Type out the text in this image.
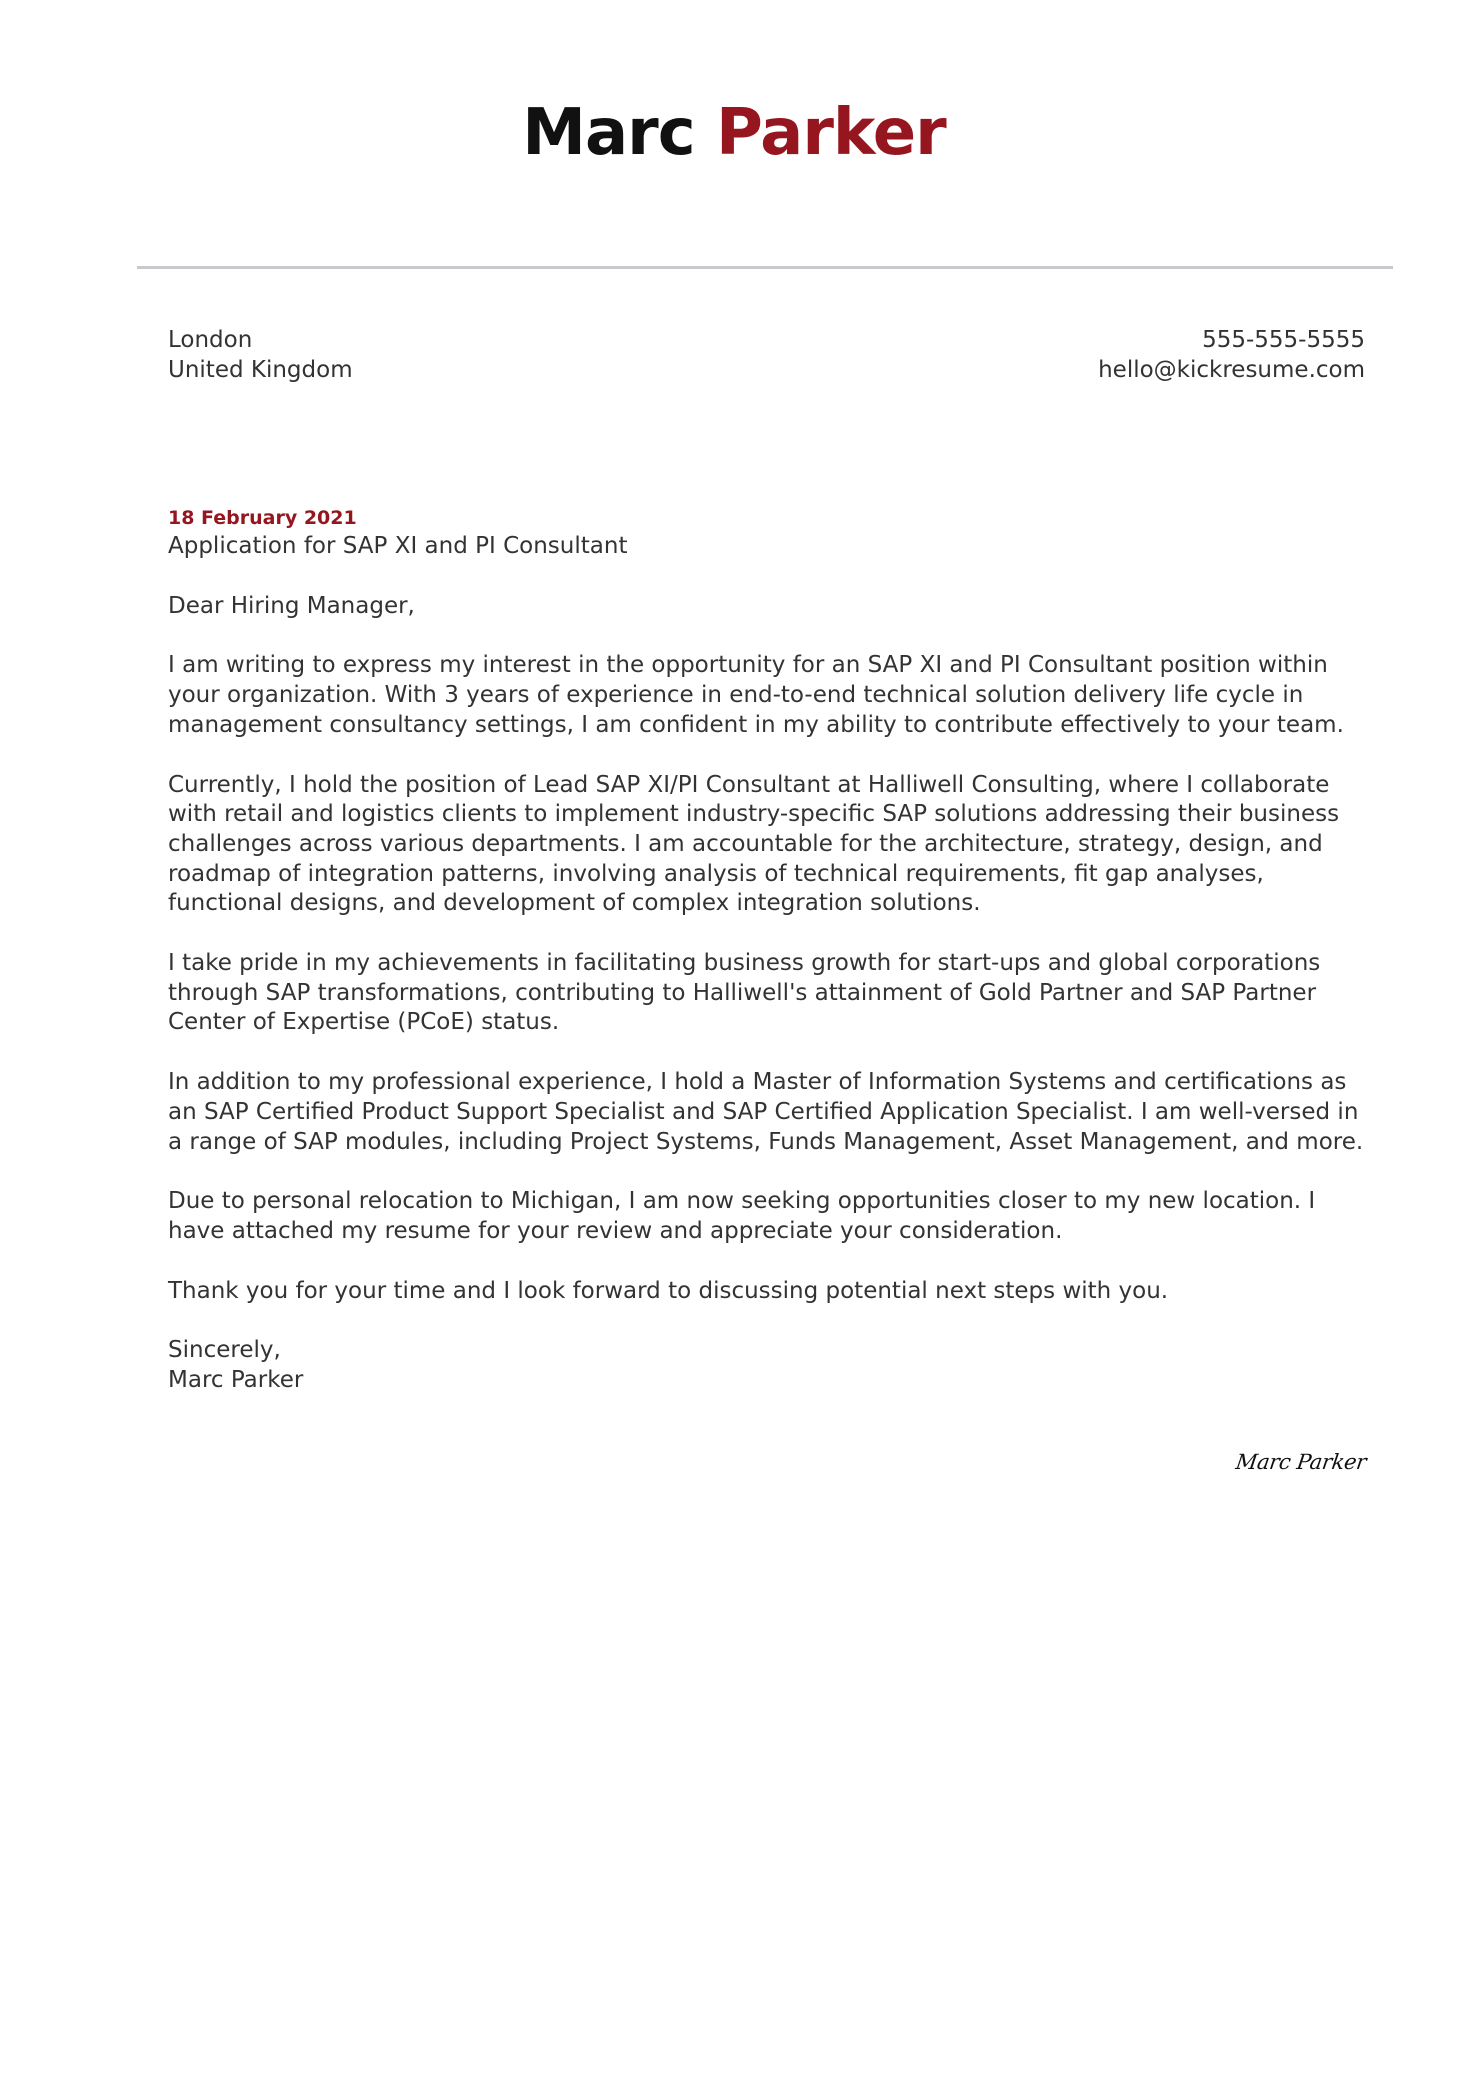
Marc Parker
London
United Kingdom
555-555-5555
hello@kickresume.com
18 February 2021
Application for SAP XI and PI Consultant
Dear Hiring Manager,

I am writing to express my interest in the opportunity for an SAP XI and PI Consultant position within your organization. With 3 years of experience in end-to-end technical solution delivery life cycle in management consultancy settings, I am confident in my ability to contribute effectively to your team.

Currently, I hold the position of Lead SAP XI/PI Consultant at Halliwell Consulting, where I collaborate with retail and logistics clients to implement industry-specific SAP solutions addressing their business challenges across various departments. I am accountable for the architecture, strategy, design, and roadmap of integration patterns, involving analysis of technical requirements, fit gap analyses, functional designs, and development of complex integration solutions.

I take pride in my achievements in facilitating business growth for start-ups and global corporations through SAP transformations, contributing to Halliwell's attainment of Gold Partner and SAP Partner Center of Expertise (PCoE) status.

In addition to my professional experience, I hold a Master of Information Systems and certifications as an SAP Certified Product Support Specialist and SAP Certified Application Specialist. I am well-versed in a range of SAP modules, including Project Systems, Funds Management, Asset Management, and more.

Due to personal relocation to Michigan, I am now seeking opportunities closer to my new location. I have attached my resume for your review and appreciate your consideration.

Thank you for your time and I look forward to discussing potential next steps with you.

Sincerely,
Marc Parker
Marc Parker
